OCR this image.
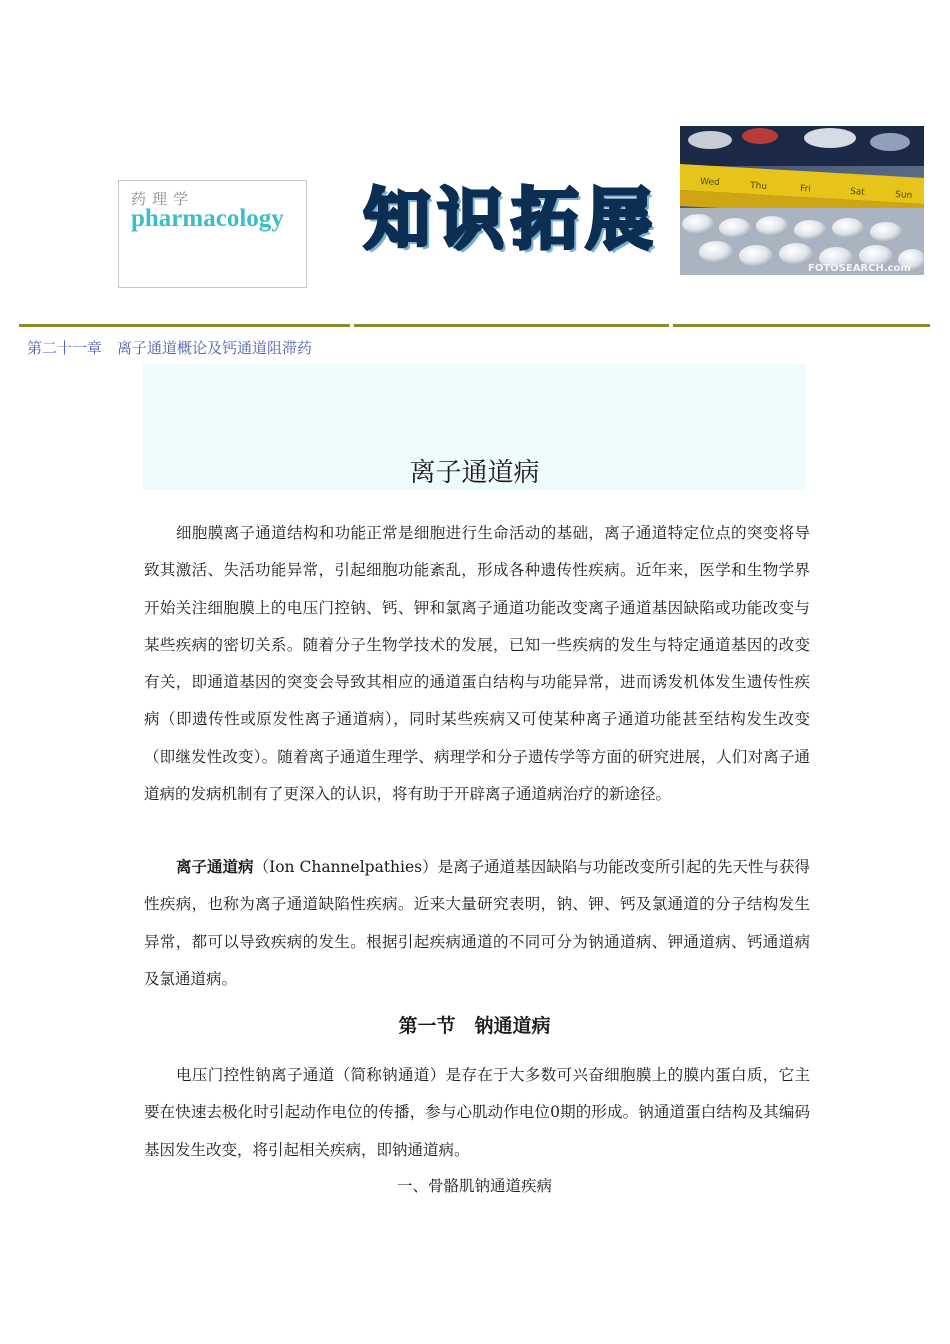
药理学
pharmacology 知 识 拓 展	Wed	Thu	Fri	Sat	Sun
FOTOSEARCH.com
第二十一章　离子通道概论及钙通道阻滞药
离子通道病

细胞膜离子通道结构和功能正常是细胞进行生命活动的基础，离子通道特定位点的突变将导致其激活、失活功能异常，引起细胞功能紊乱，形成各种遗传性疾病。近年来，医学和生物学界开始关注细胞膜上的电压门控钠、钙、钾和氯离子通道功能改变离子通道基因缺陷或功能改变与某些疾病的密切关系。随着分子生物学技术的发展，已知一些疾病的发生与特定通道基因的改变有关，即通道基因的突变会导致其相应的通道蛋白结构与功能异常，进而诱发机体发生遗传性疾病（即遗传性或原发性离子通道病），同时某些疾病又可使某种离子通道功能甚至结构发生改变（即继发性改变）。随着离子通道生理学、病理学和分子遗传学等方面的研究进展，人们对离子通道病的发病机制有了更深入的认识，将有助于开辟离子通道病治疗的新途径。

离子通道病（Ion Channelpathies）是离子通道基因缺陷与功能改变所引起的先天性与获得性疾病，也称为离子通道缺陷性疾病。近来大量研究表明，钠、钾、钙及氯通道的分子结构发生异常，都可以导致疾病的发生。根据引起疾病通道的不同可分为钠通道病、钾通道病、钙通道病及氯通道病。

第一节　钠通道病

电压门控性钠离子通道（简称钠通道）是存在于大多数可兴奋细胞膜上的膜内蛋白质，它主要在快速去极化时引起动作电位的传播，参与心肌动作电位0期的形成。钠通道蛋白结构及其编码基因发生改变，将引起相关疾病，即钠通道病。

一、骨骼肌钠通道疾病
